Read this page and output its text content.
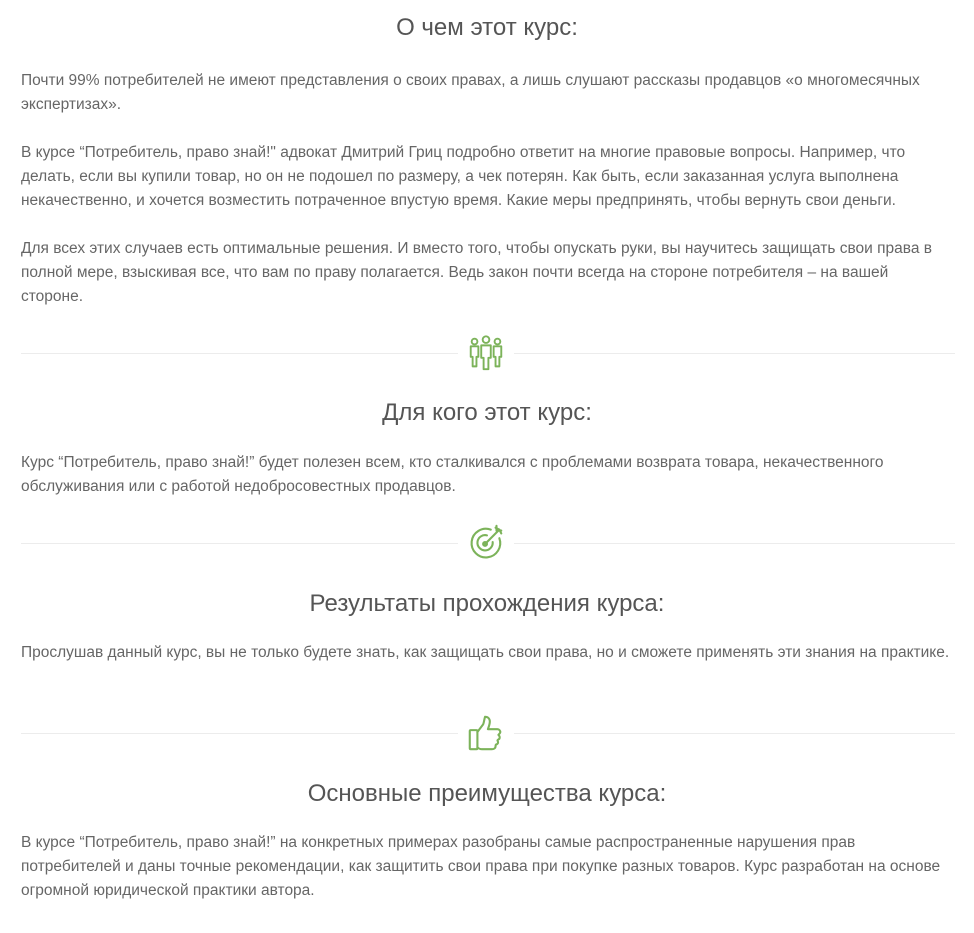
О чем этот курс:

Почти 99% потребителей не имеют представления о своих правах, а лишь слушают рассказы продавцов «о многомесячных экспертизах».

В курсе “Потребитель, право знай!" адвокат Дмитрий Гриц подробно ответит на многие правовые вопросы. Например, что делать, если вы купили товар, но он не подошел по размеру, а чек потерян. Как быть, если заказанная услуга выполнена некачественно, и хочется возместить потраченное впустую время. Какие меры предпринять, чтобы вернуть свои деньги.

Для всех этих случаев есть оптимальные решения. И вместо того, чтобы опускать руки, вы научитесь защищать свои права в полной мере, взыскивая все, что вам по праву полагается. Ведь закон почти всегда на стороне потребителя – на вашей стороне.

Для кого этот курс:

Курс “Потребитель, право знай!” будет полезен всем, кто сталкивался с проблемами возврата товара, некачественного обслуживания или с работой недобросовестных продавцов.

Результаты прохождения курса:

Прослушав данный курс, вы не только будете знать, как защищать свои права, но и сможете применять эти знания на практике.

Основные преимущества курса:

В курсе “Потребитель, право знай!” на конкретных примерах разобраны самые распространенные нарушения прав потребителей и даны точные рекомендации, как защитить свои права при покупке разных товаров. Курс разработан на основе огромной юридической практики автора.
